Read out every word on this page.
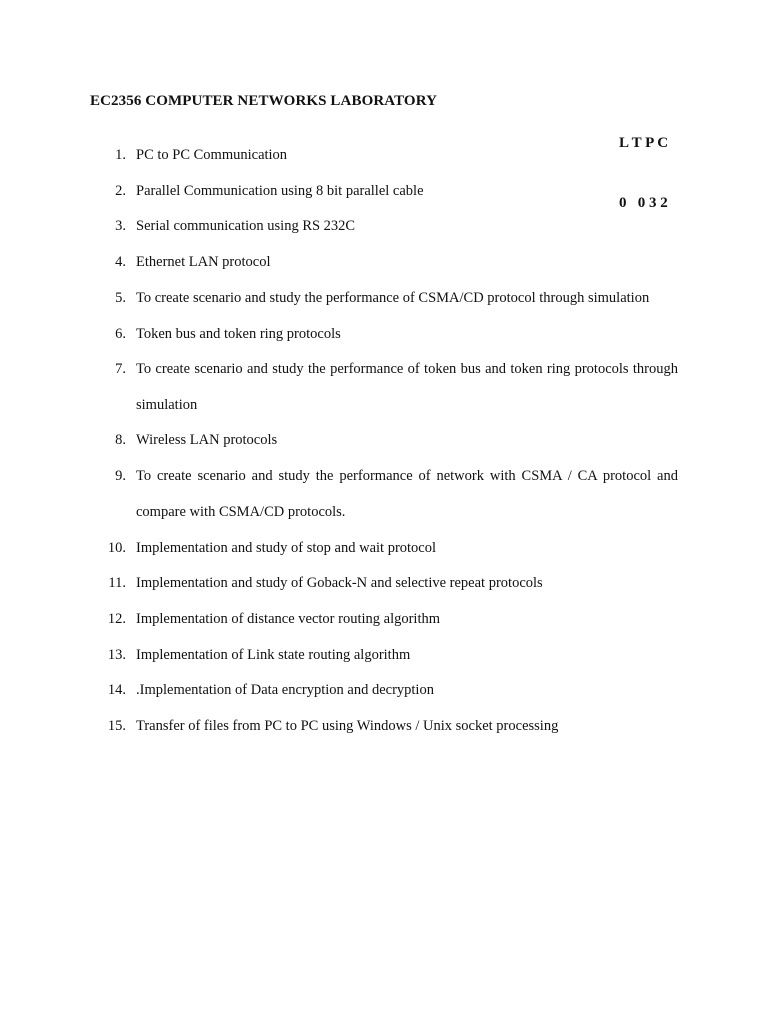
EC2356 COMPUTER NETWORKS LABORATORY

L T P C

0   0 3 2

1. PC to PC Communication
2. Parallel Communication using 8 bit parallel cable
3. Serial communication using RS 232C
4. Ethernet LAN protocol
5. To create scenario and study the performance of CSMA/CD protocol through simulation
6. Token bus and token ring protocols
7. To create scenario and study the performance of token bus and token ring protocols through simulation
8. Wireless LAN protocols
9. To create scenario and study the performance of network with CSMA / CA protocol and compare with CSMA/CD protocols.
10. Implementation and study of stop and wait protocol
11. Implementation and study of Goback-N and selective repeat protocols
12. Implementation of distance vector routing algorithm
13. Implementation of Link state routing algorithm
14. .Implementation of Data encryption and decryption
15. Transfer of files from PC to PC using Windows / Unix socket processing
